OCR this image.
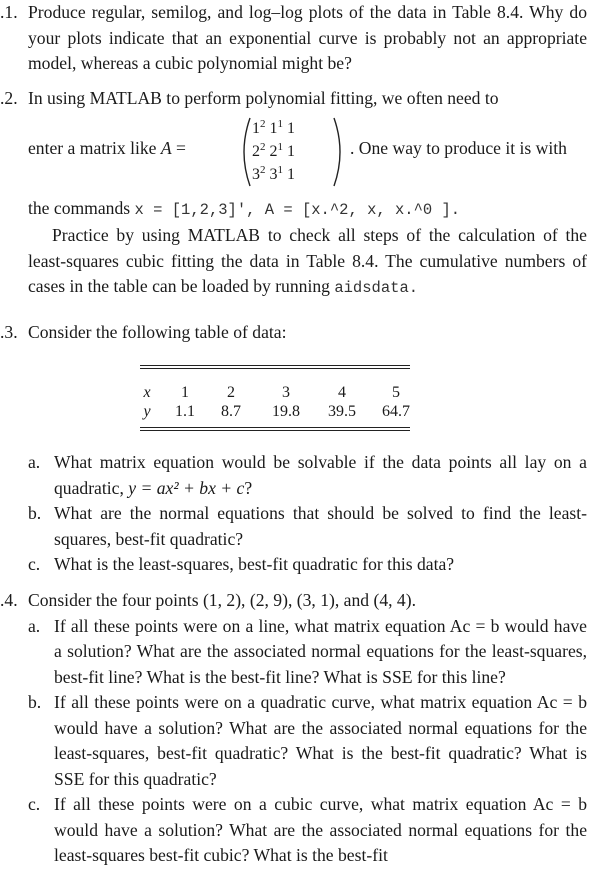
.1. Produce regular, semilog, and log–log plots of the data in Table 8.4. Why do your plots indicate that an exponential curve is probably not an appropriate model, whereas a cubic polynomial might be?
.2. In using MATLAB to perform polynomial fitting, we often need to
enter a matrix like A =
$1^2$ $1^1$ 1
$2^2$ $2^1$ 1
$3^2$ $3^1$ 1
. One way to produce it is with
the commands x = [1,2,3]', A = [x.^2, x, x.^0 ].
Practice by using MATLAB to check all steps of the calculation of the least-squares cubic fitting the data in Table 8.4. The cumulative numbers of cases in the table can be loaded by running aidsdata.
.3. Consider the following table of data:
x	1	2	3	4	5
y	1.1	8.7	19.8	39.5	64.7
a. What matrix equation would be solvable if the data points all lay on a quadratic, y = ax² + bx + c?
b. What are the normal equations that should be solved to find the least-squares, best-fit quadratic?
c. What is the least-squares, best-fit quadratic for this data?
.4. Consider the four points (1, 2), (2, 9), (3, 1), and (4, 4).
a. If all these points were on a line, what matrix equation Ac = b would have a solution? What are the associated normal equations for the least-squares, best-fit line? What is the best-fit line? What is SSE for this line?
b. If all these points were on a quadratic curve, what matrix equation Ac = b would have a solution? What are the associated normal equations for the least-squares, best-fit quadratic? What is the best-fit quadratic? What is SSE for this quadratic?
c. If all these points were on a cubic curve, what matrix equation Ac = b would have a solution? What are the associated normal equations for the least-squares best-fit cubic? What is the best-fit
